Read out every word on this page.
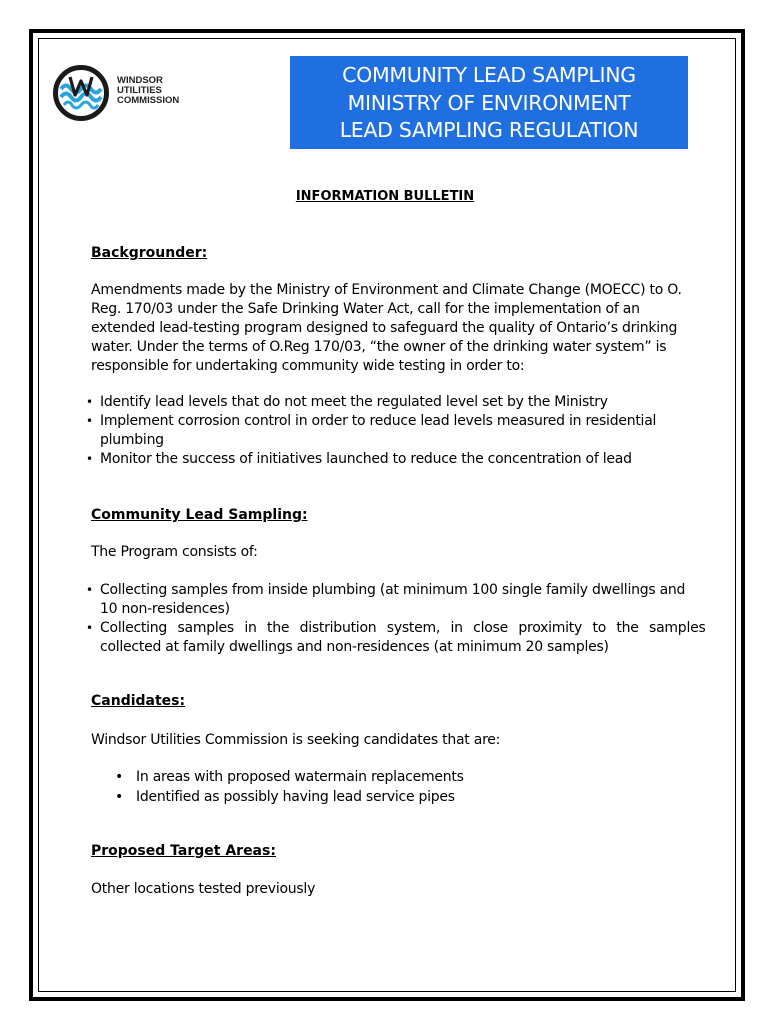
WINDSOR
UTILITIES
COMMISSION
COMMUNITY LEAD SAMPLING
MINISTRY OF ENVIRONMENT
LEAD SAMPLING REGULATION
INFORMATION BULLETIN
Backgrounder:
Amendments made by the Ministry of Environment and Climate Change (MOECC) to O.
Reg. 170/03 under the Safe Drinking Water Act, call for the implementation of an
extended lead-testing program designed to safeguard the quality of Ontario’s drinking
water. Under the terms of O.Reg 170/03, “the owner of the drinking water system” is
responsible for undertaking community wide testing in order to:
• Identify lead levels that do not meet the regulated level set by the Ministry
• Implement corrosion control in order to reduce lead levels measured in residential
plumbing
• Monitor the success of initiatives launched to reduce the concentration of lead
Community Lead Sampling:
The Program consists of:
• Collecting samples from inside plumbing (at minimum 100 single family dwellings and
10 non-residences)
• Collecting samples in the distribution system, in close proximity to the samples
collected at family dwellings and non-residences (at minimum 20 samples)
Candidates:
Windsor Utilities Commission is seeking candidates that are:
• In areas with proposed watermain replacements
• Identified as possibly having lead service pipes
Proposed Target Areas:
Other locations tested previously
